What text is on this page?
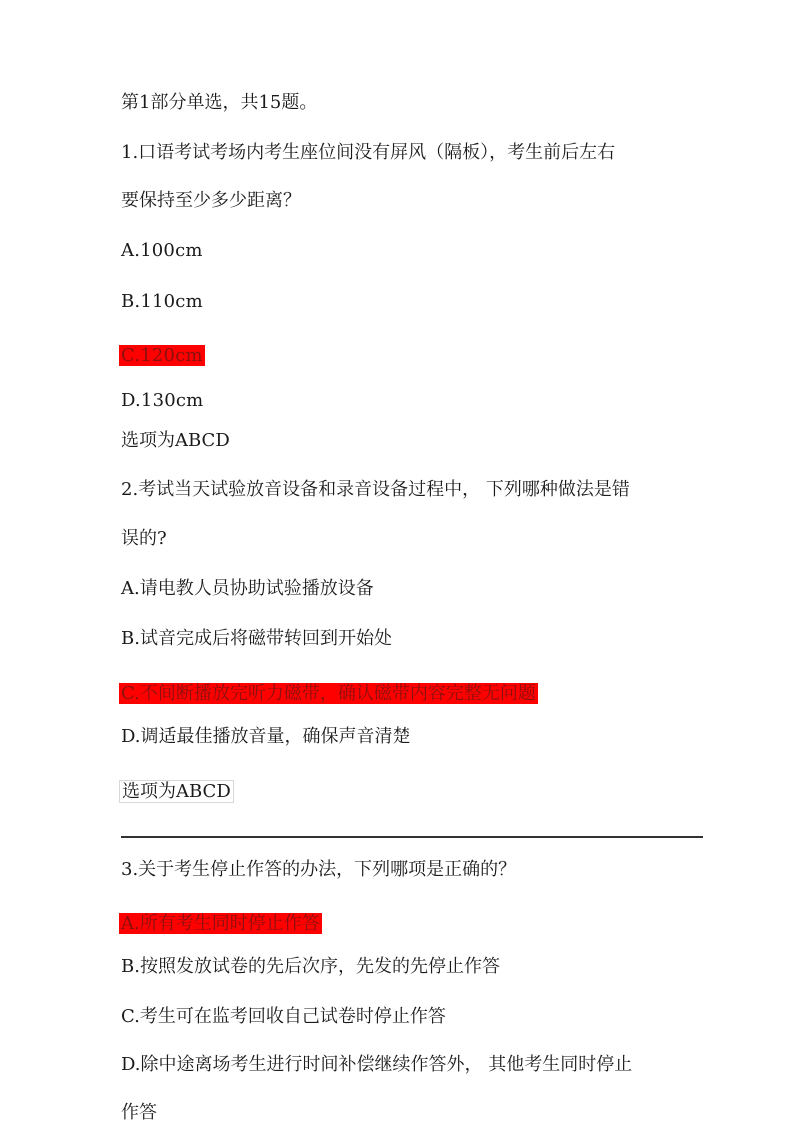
第1部分单选，共15题。
1.口语考试考场内考生座位间没有屏风（隔板），考生前后左右
要保持至少多少距离？
A.100cm
B.110cm
C.120cm
D.130cm
选项为ABCD
2.考试当天试验放音设备和录音设备过程中， 下列哪种做法是错
误的?
A.请电教人员协助试验播放设备
B.试音完成后将磁带转回到开始处
C.不间断播放完听力磁带，确认磁带内容完整无问题
D.调适最佳播放音量，确保声音清楚
选项为ABCD
3.关于考生停止作答的办法，下列哪项是正确的？
A.所有考生同时停止作答
B.按照发放试卷的先后次序，先发的先停止作答
C.考生可在监考回收自己试卷时停止作答
D.除中途离场考生进行时间补偿继续作答外， 其他考生同时停止
作答
